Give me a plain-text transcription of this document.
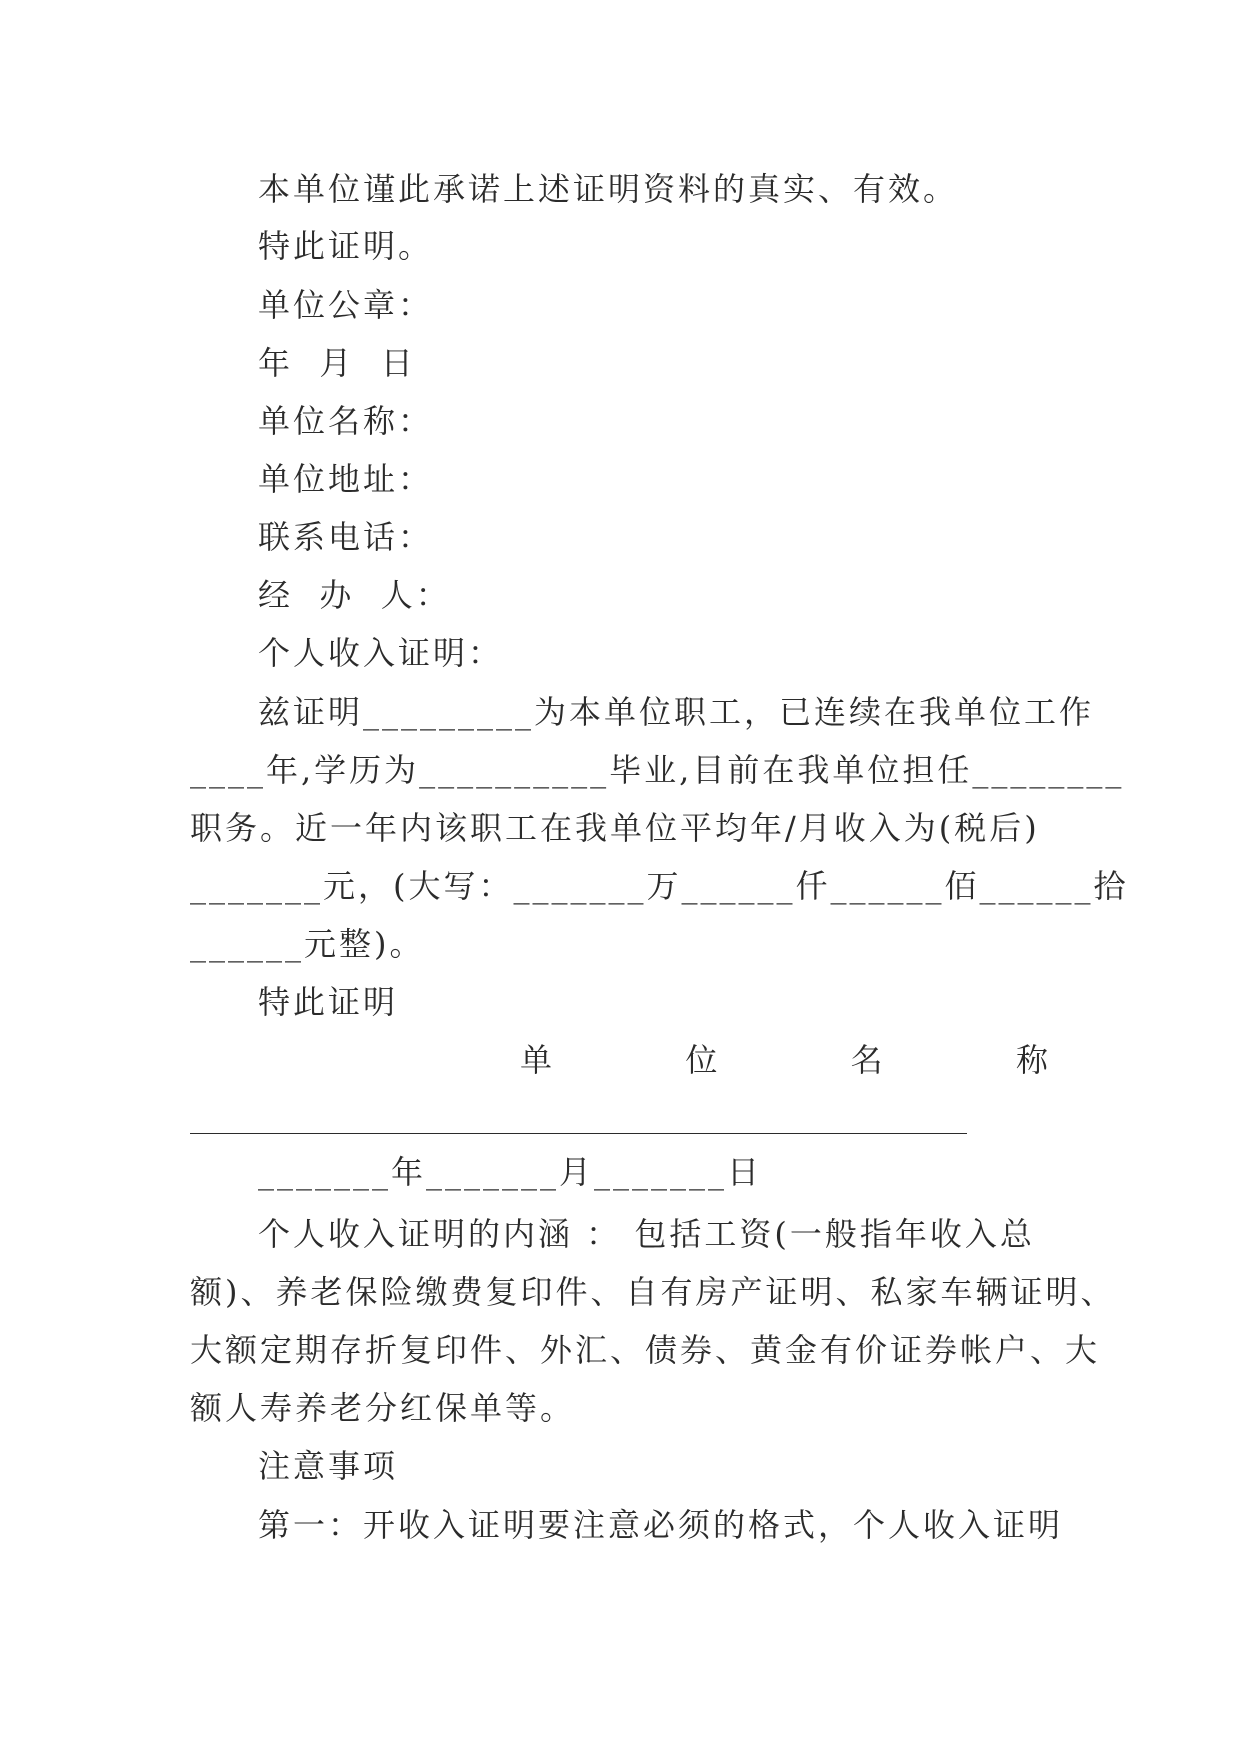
本单位谨此承诺上述证明资料的真实、有效。
特此证明。
单位公章：
年  月  日
单位名称：
单位地址：
联系电话：
经  办  人：
个人收入证明：
兹证明_________为本单位职工，已连续在我单位工作
____年,学历为__________毕业,目前在我单位担任________
职务。近一年内该职工在我单位平均年/月收入为(税后)
_______元，(大写：_______万______仟______佰______拾
______元整)。
特此证明
单	位	名	称
_______年_______月_______日
个人收入证明的内涵 ： 包括工资(一般指年收入总
额)、养老保险缴费复印件、自有房产证明、私家车辆证明、
大额定期存折复印件、外汇、债券、黄金有价证券帐户、大
额人寿养老分红保单等。
注意事项
第一：开收入证明要注意必须的格式，个人收入证明
